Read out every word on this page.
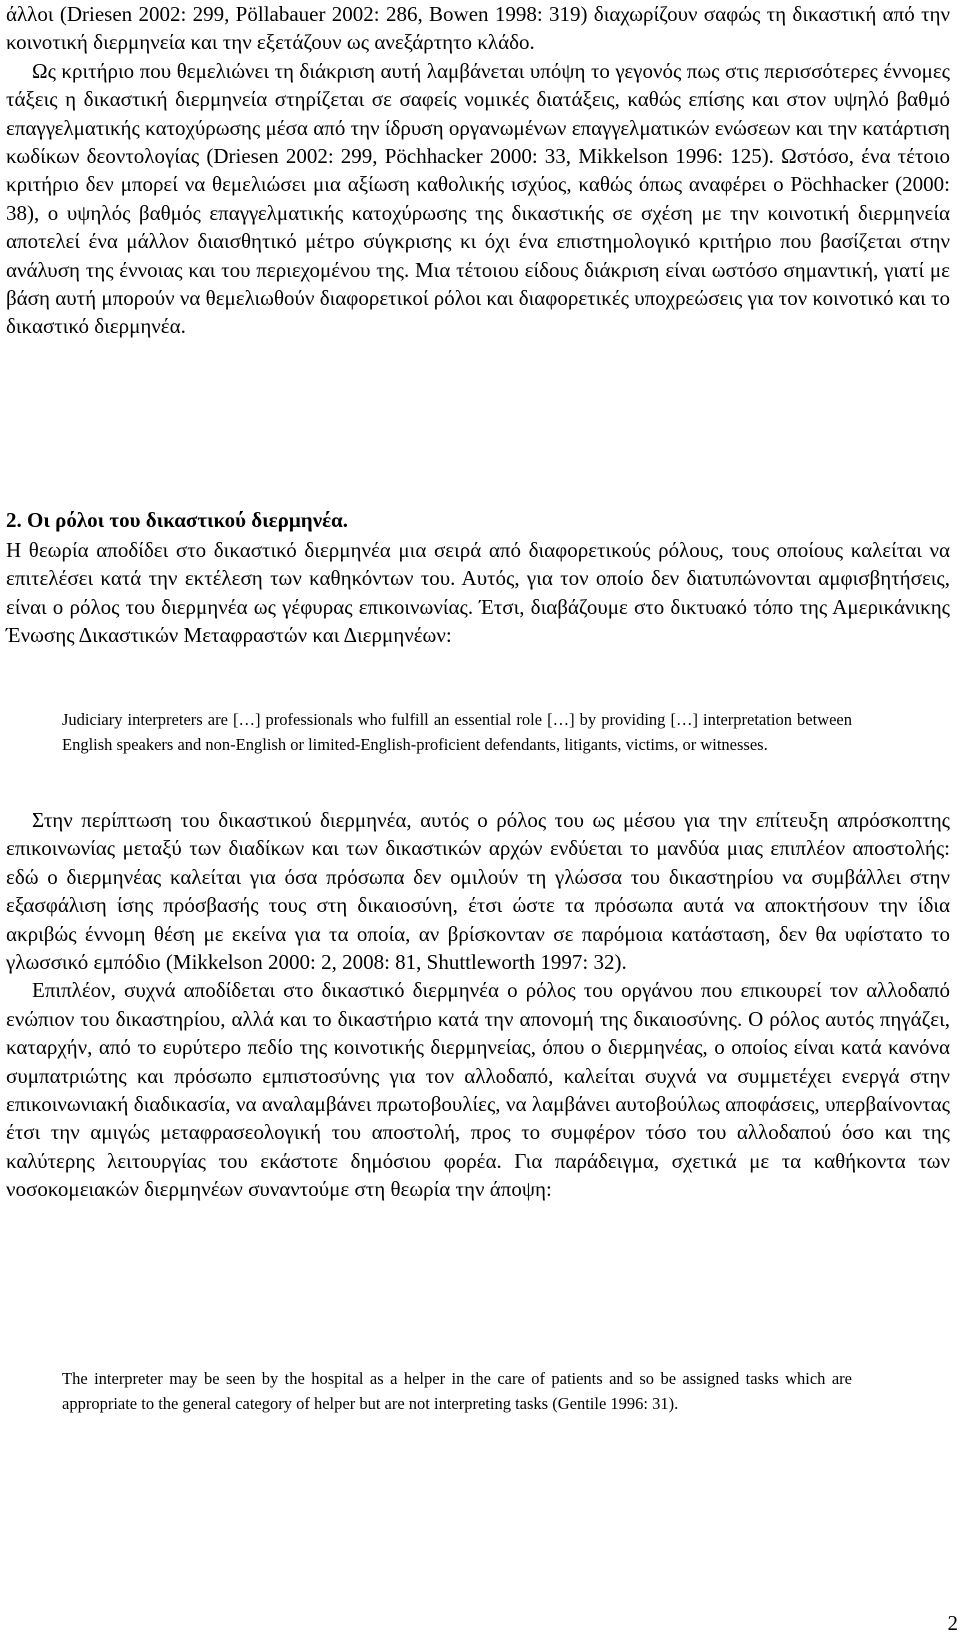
άλλοι (Driesen 2002: 299, Pöllabauer 2002: 286, Bowen 1998: 319) διαχωρίζουν σαφώς τη δικαστική από την κοινοτική διερμηνεία και την εξετάζουν ως ανεξάρτητο κλάδο.

Ως κριτήριο που θεμελιώνει τη διάκριση αυτή λαμβάνεται υπόψη το γεγονός πως στις περισσότερες έννομες τάξεις η δικαστική διερμηνεία στηρίζεται σε σαφείς νομικές διατάξεις, καθώς επίσης και στον υψηλό βαθμό επαγγελματικής κατοχύρωσης μέσα από την ίδρυση οργανωμένων επαγγελματικών ενώσεων και την κατάρτιση κωδίκων δεοντολογίας (Driesen 2002: 299, Pöchhacker 2000: 33, Mikkelson 1996: 125). Ωστόσο, ένα τέτοιο κριτήριο δεν μπορεί να θεμελιώσει μια αξίωση καθολικής ισχύος, καθώς όπως αναφέρει ο Pöchhacker (2000: 38), ο υψηλός βαθμός επαγγελματικής κατοχύρωσης της δικαστικής σε σχέση με την κοινοτική διερμηνεία αποτελεί ένα μάλλον διαισθητικό μέτρο σύγκρισης κι όχι ένα επιστημολογικό κριτήριο που βασίζεται στην ανάλυση της έννοιας και του περιεχομένου της. Μια τέτοιου είδους διάκριση είναι ωστόσο σημαντική, γιατί με βάση αυτή μπορούν να θεμελιωθούν διαφορετικοί ρόλοι και διαφορετικές υποχρεώσεις για τον κοινοτικό και το δικαστικό διερμηνέα.

2. Οι ρόλοι του δικαστικού διερμηνέα.

Η θεωρία αποδίδει στο δικαστικό διερμηνέα μια σειρά από διαφορετικούς ρόλους, τους οποίους καλείται να επιτελέσει κατά την εκτέλεση των καθηκόντων του. Αυτός, για τον οποίο δεν διατυπώνονται αμφισβητήσεις, είναι ο ρόλος του διερμηνέα ως γέφυρας επικοινωνίας. Έτσι, διαβάζουμε στο δικτυακό τόπο της Αμερικάνικης Ένωσης Δικαστικών Μεταφραστών και Διερμηνέων:

Judiciary interpreters are […] professionals who fulfill an essential role […] by providing […] interpretation between English speakers and non-English or limited-English-proficient defendants, litigants, victims, or witnesses.

Στην περίπτωση του δικαστικού διερμηνέα, αυτός ο ρόλος του ως μέσου για την επίτευξη απρόσκοπτης επικοινωνίας μεταξύ των διαδίκων και των δικαστικών αρχών ενδύεται το μανδύα μιας επιπλέον αποστολής: εδώ ο διερμηνέας καλείται για όσα πρόσωπα δεν ομιλούν τη γλώσσα του δικαστηρίου να συμβάλλει στην εξασφάλιση ίσης πρόσβασής τους στη δικαιοσύνη, έτσι ώστε τα πρόσωπα αυτά να αποκτήσουν την ίδια ακριβώς έννομη θέση με εκείνα για τα οποία, αν βρίσκονταν σε παρόμοια κατάσταση, δεν θα υφίστατο το γλωσσικό εμπόδιο (Mikkelson 2000: 2, 2008: 81, Shuttleworth 1997: 32).

Επιπλέον, συχνά αποδίδεται στο δικαστικό διερμηνέα ο ρόλος του οργάνου που επικουρεί τον αλλοδαπό ενώπιον του δικαστηρίου, αλλά και το δικαστήριο κατά την απονομή της δικαιοσύνης. Ο ρόλος αυτός πηγάζει, καταρχήν, από το ευρύτερο πεδίο της κοινοτικής διερμηνείας, όπου ο διερμηνέας, ο οποίος είναι κατά κανόνα συμπατριώτης και πρόσωπο εμπιστοσύνης για τον αλλοδαπό, καλείται συχνά να συμμετέχει ενεργά στην επικοινωνιακή διαδικασία, να αναλαμβάνει πρωτοβουλίες, να λαμβάνει αυτοβούλως αποφάσεις, υπερβαίνοντας έτσι την αμιγώς μεταφρασεολογική του αποστολή, προς το συμφέρον τόσο του αλλοδαπού όσο και της καλύτερης λειτουργίας του εκάστοτε δημόσιου φορέα. Για παράδειγμα, σχετικά με τα καθήκοντα των νοσοκομειακών διερμηνέων συναντούμε στη θεωρία την άποψη:

The interpreter may be seen by the hospital as a helper in the care of patients and so be assigned tasks which are appropriate to the general category of helper but are not interpreting tasks (Gentile 1996: 31).

2
